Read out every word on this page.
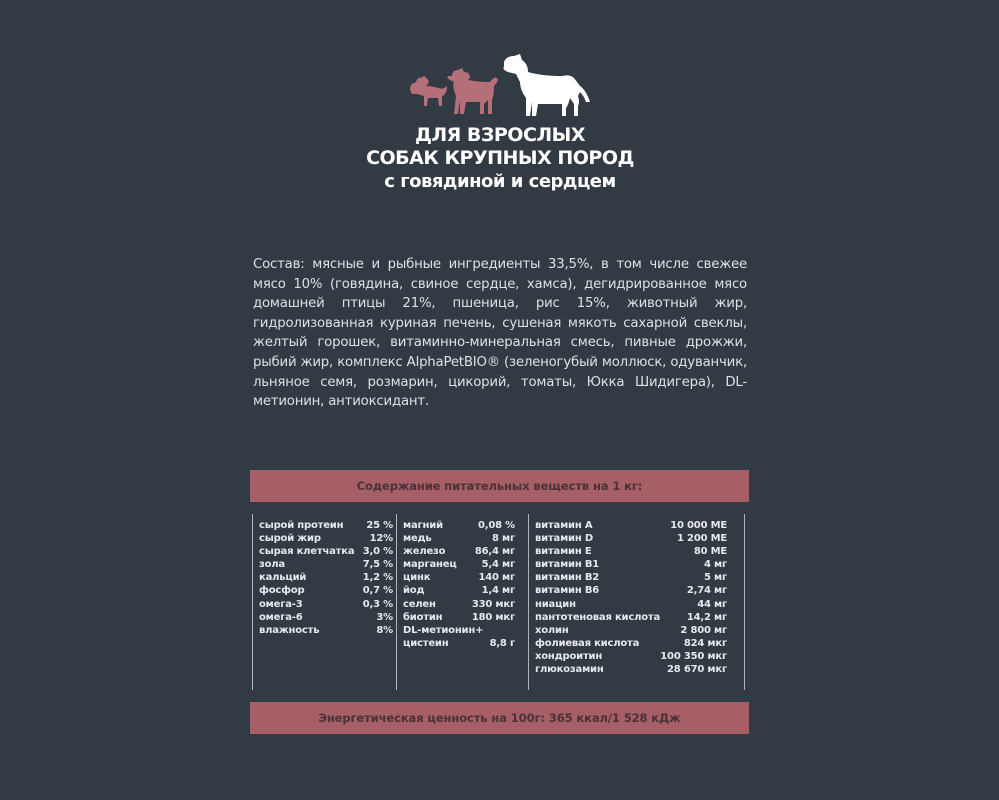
ДЛЯ ВЗРОСЛЫХ
СОБАК КРУПНЫХ ПОРОД
с говядиной и сердцем
Состав: мясные и рыбные ингредиенты 33,5%, в том числе свежее мясо 10% (говядина, свиное сердце, хамса), дегидрированное мясо домашней птицы 21%, пшеница, рис 15%, животный жир, гидролизованная куриная печень, сушеная мякоть сахарной свеклы, желтый горошек, витаминно-минеральная смесь, пивные дрожжи, рыбий жир, комплекс AlphaPetBIO® (зеленогубый моллюск, одуванчик, льняное семя, розмарин, цикорий, томаты, Юкка Шидигера), DL-метионин, антиоксидант.
Содержание питательных веществ на 1 кг:
сырой протеин 25 %
сырой жир	12%
сырая клетчатка 3,0 %
зола	7,5 %
кальций	1,2 %
фосфор	0,7 %
омега-3	0,3 %
омега-6	3%
влажность	8%
магний	0,08 %
медь	8 мг
железо	86,4 мг
марганец	5,4 мг
цинк	140 мг
йод	1,4 мг
селен	330 мкг
биотин	180 мкг
DL-метионин+
цистеин	8,8 г
витамин А	10 000 МЕ
витамин D	1 200 МЕ
витамин Е	80 МЕ
витамин В1	4 мг
витамин В2	5 мг
витамин В6	2,74 мг
ниацин	44 мг
пантотеновая кислота	14,2 мг
холин	2 800 мг
фолиевая кислота	824 мкг
хондроитин	100 350 мкг
глюкозамин	28 670 мкг
Энергетическая ценность на 100г: 365 ккал/1 528 кДж
